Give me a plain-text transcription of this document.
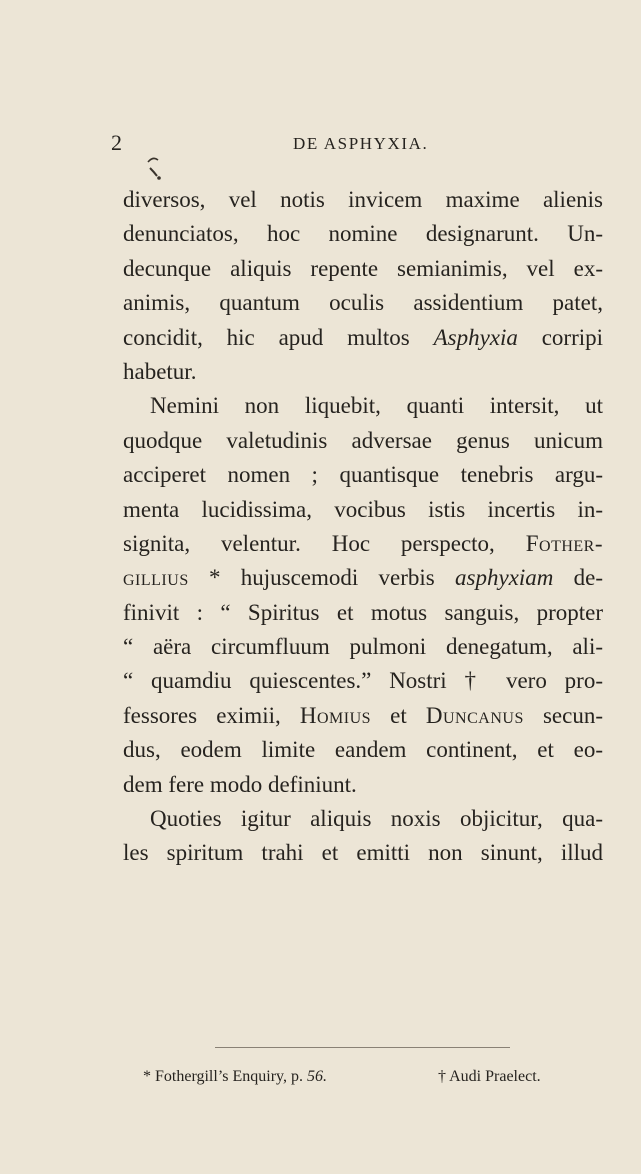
2	DE ASPHYXIA.
diversos, vel notis invicem maxime alienis
denunciatos, hoc nomine designarunt. Un-
decunque aliquis repente semianimis, vel ex-
animis, quantum oculis assidentium patet,
concidit, hic apud multos Asphyxia corripi
habetur.
Nemini non liquebit, quanti intersit, ut
quodque valetudinis adversae genus unicum
acciperet nomen ; quantisque tenebris argu-
menta lucidissima, vocibus istis incertis in-
signita, velentur. Hoc perspecto, Fother-
gillius * hujuscemodi verbis asphyxiam de-
finivit : “ Spiritus et motus sanguis, propter
“ aëra circumfluum pulmoni denegatum, ali-
“ quamdiu quiescentes.” Nostri † vero pro-
fessores eximii, Homius et Duncanus secun-
dus, eodem limite eandem continent, et eo-
dem fere modo definiunt.
Quoties igitur aliquis noxis objicitur, qua-
les spiritum trahi et emitti non sinunt, illud
* Fothergill’s Enquiry, p. 56.	† Audi Praelect.
